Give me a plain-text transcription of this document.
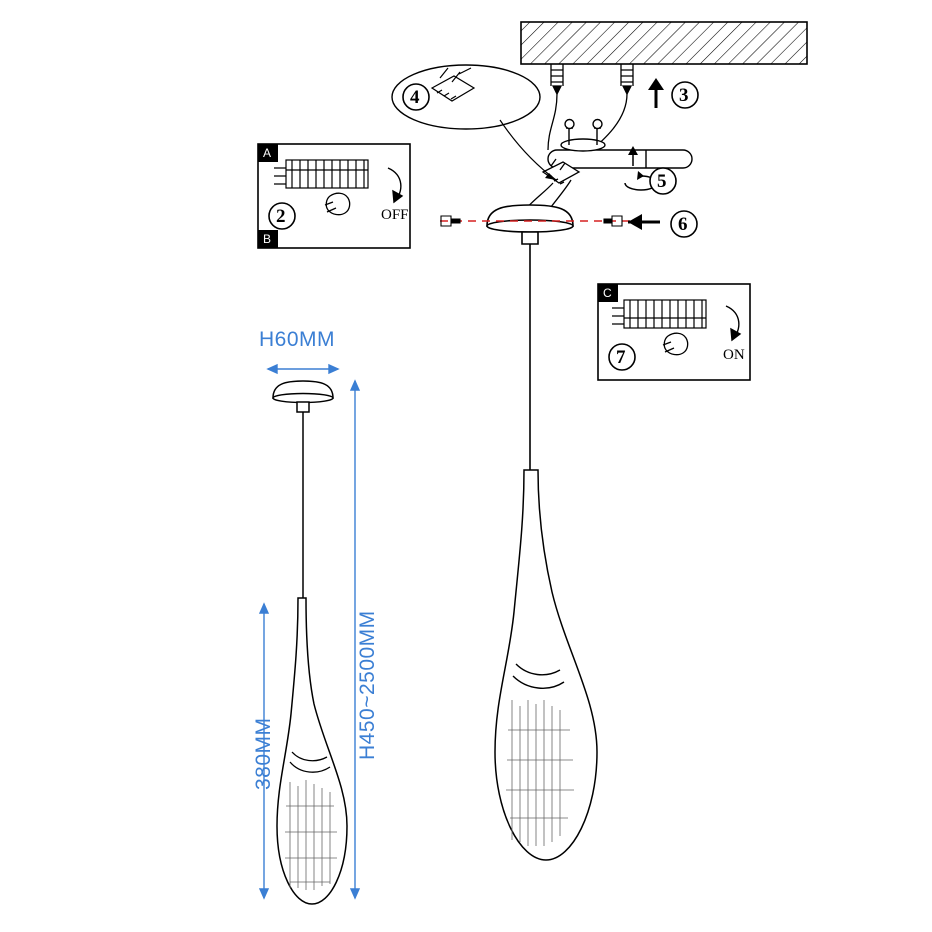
2
3
4
5
6
7
A
B
C
OFF
ON
H60MM
H450~2500MM
380MM
